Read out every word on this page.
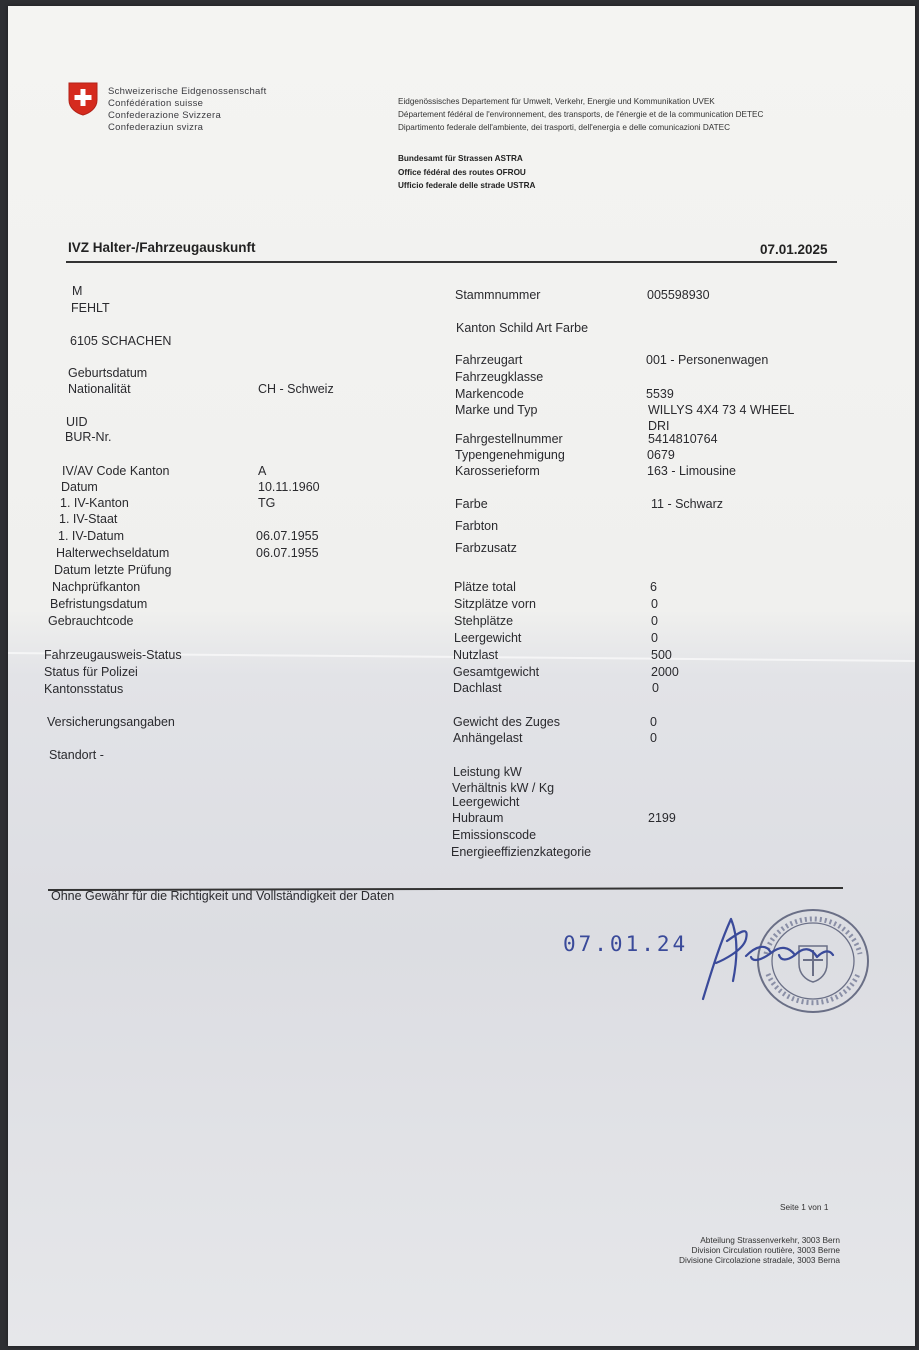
Schweizerische Eidgenossenschaft
Confédération suisse
Confederazione Svizzera
Confederaziun svizra
Eidgenössisches Departement für Umwelt, Verkehr, Energie und Kommunikation UVEK
Département fédéral de l'environnement, des transports, de l'énergie et de la communication DETEC
Dipartimento federale dell'ambiente, dei trasporti, dell'energia e delle comunicazioni DATEC
Bundesamt für Strassen ASTRA
Office fédéral des routes OFROU
Ufficio federale delle strade USTRA
IVZ Halter-/Fahrzeugauskunft	07.01.2025
M
FEHLT
6105 SCHACHEN
Geburtsdatum
Nationalität	CH - Schweiz
UID
BUR-Nr.
IV/AV Code Kanton	A
Datum	10.11.1960
1. IV-Kanton	TG
1. IV-Staat
1. IV-Datum	06.07.1955
Halterwechseldatum	06.07.1955
Datum letzte Prüfung
Nachprüfkanton
Befristungsdatum
Gebrauchtcode
Fahrzeugausweis-Status
Status für Polizei
Kantonsstatus
Versicherungsangaben
Standort -
Stammnummer	005598930
Kanton Schild Art Farbe
Fahrzeugart	001 - Personenwagen
Fahrzeugklasse
Markencode	5539
Marke und Typ	WILLYS 4X4 73 4 WHEEL
DRI
Fahrgestellnummer	5414810764
Typengenehmigung	0679
Karosserieform	163 - Limousine
Farbe	11 - Schwarz
Farbton
Farbzusatz
Plätze total	6
Sitzplätze vorn	0
Stehplätze	0
Leergewicht	0
Nutzlast	500
Gesamtgewicht	2000
Dachlast	0
Gewicht des Zuges	0
Anhängelast	0
Leistung kW
Verhältnis kW / Kg
Leergewicht
Hubraum	2199
Emissionscode
Energieeffizienzkategorie
Ohne Gewähr für die Richtigkeit und Vollständigkeit der Daten
07.01.24
Seite 1 von 1
Abteilung Strassenverkehr, 3003 Bern
Division Circulation routière, 3003 Berne
Divisione Circolazione stradale, 3003 Berna
